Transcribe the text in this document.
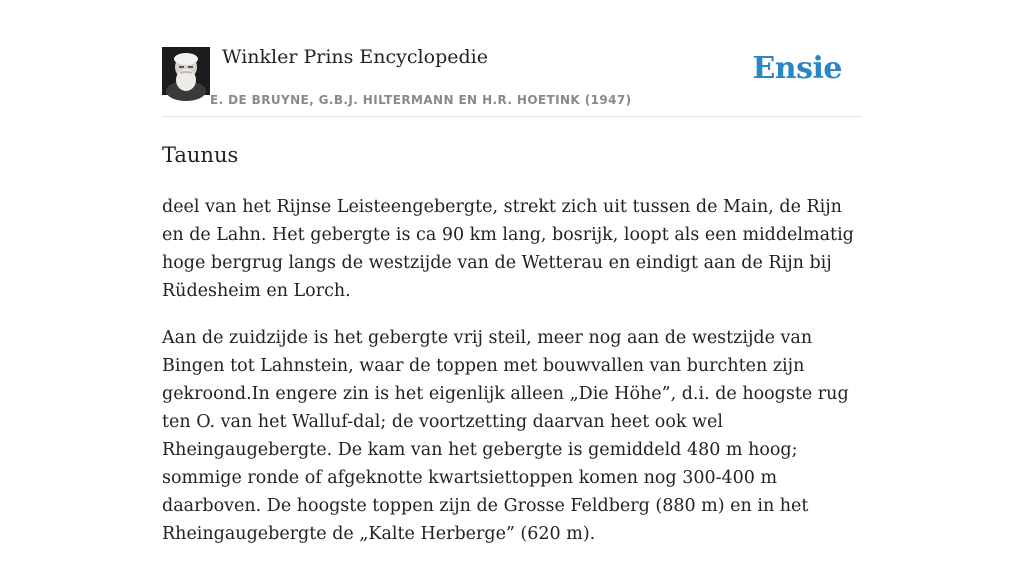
Winkler Prins Encyclopedie
E. DE BRUYNE, G.B.J. HILTERMANN EN H.R. HOETINK (1947)
Ensie
Taunus

deel van het Rijnse Leisteengebergte, strekt zich uit tussen de Main, de Rijn en de Lahn. Het gebergte is ca 90 km lang, bosrijk, loopt als een middelmatig hoge bergrug langs de westzijde van de Wetterau en eindigt aan de Rijn bij Rüdesheim en Lorch.

Aan de zuidzijde is het gebergte vrij steil, meer nog aan de westzijde van Bingen tot Lahnstein, waar de toppen met bouwvallen van burchten zijn gekroond.In engere zin is het eigenlijk alleen „Die Höhe”, d.i. de hoogste rug ten O. van het Walluf-dal; de voortzetting daarvan heet ook wel Rheingaugebergte. De kam van het gebergte is gemiddeld 480 m hoog; sommige ronde of afgeknotte kwartsiettoppen komen nog 300-400 m daarboven. De hoogste toppen zijn de Grosse Feldberg (880 m) en in het Rheingaugebergte de „Kalte Herberge” (620 m).
